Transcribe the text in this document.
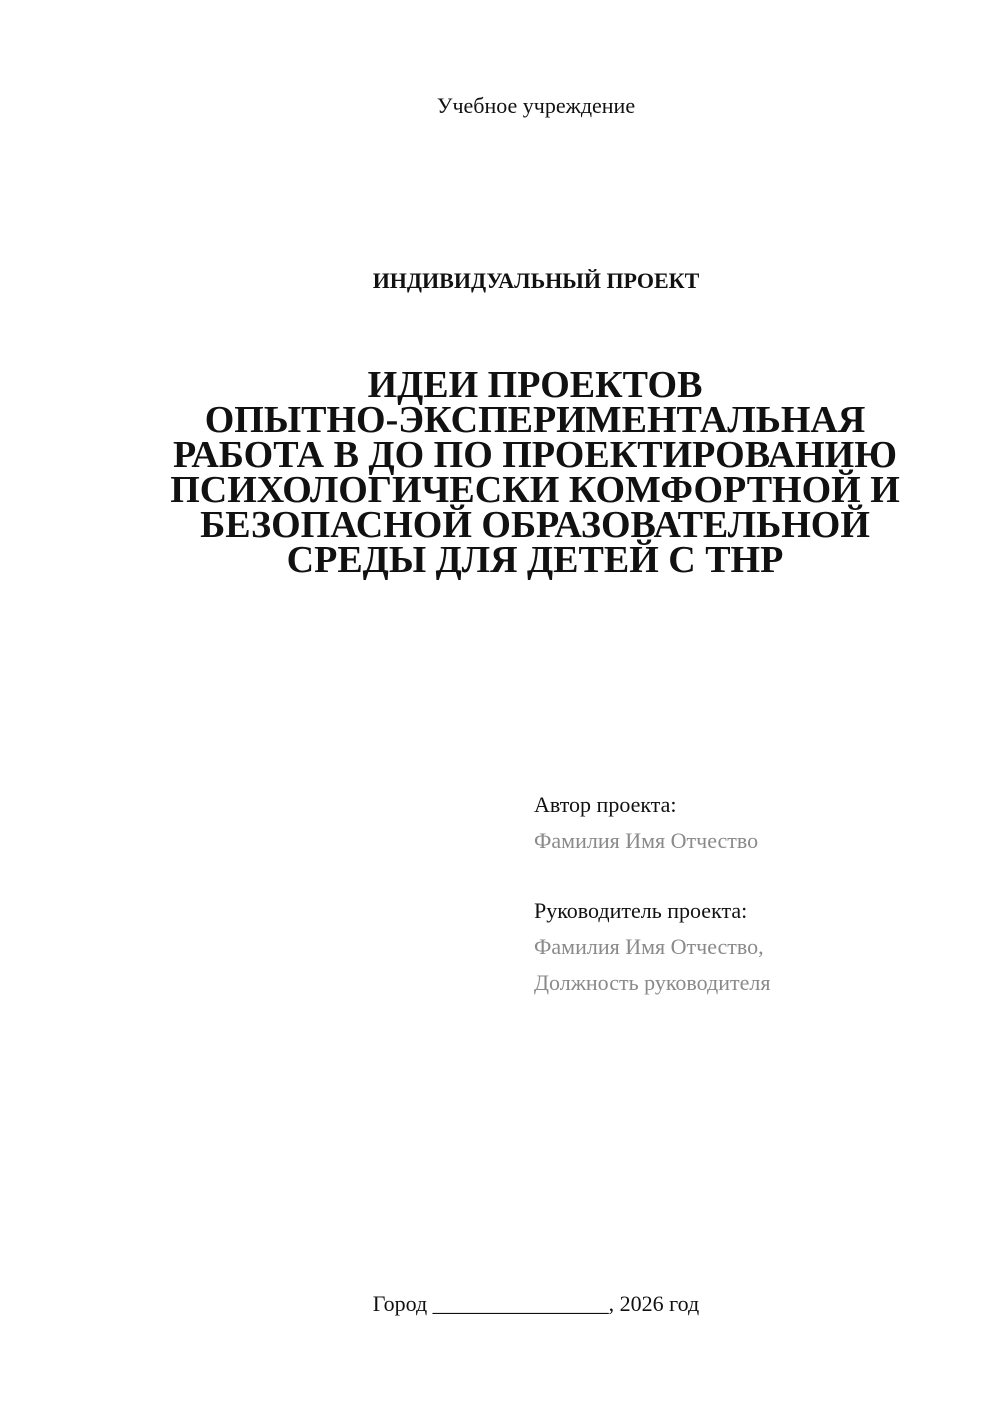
Учебное учреждение
ИНДИВИДУАЛЬНЫЙ ПРОЕКТ
ИДЕИ ПРОЕКТОВ
ОПЫТНО-ЭКСПЕРИМЕНТАЛЬНАЯ
РАБОТА В ДО ПО ПРОЕКТИРОВАНИЮ
ПСИХОЛОГИЧЕСКИ КОМФОРТНОЙ И
БЕЗОПАСНОЙ ОБРАЗОВАТЕЛЬНОЙ
СРЕДЫ ДЛЯ ДЕТЕЙ С ТНР
Автор проекта:
Фамилия Имя Отчество
Руководитель проекта:
Фамилия Имя Отчество,
Должность руководителя
Город ________________, 2026 год
